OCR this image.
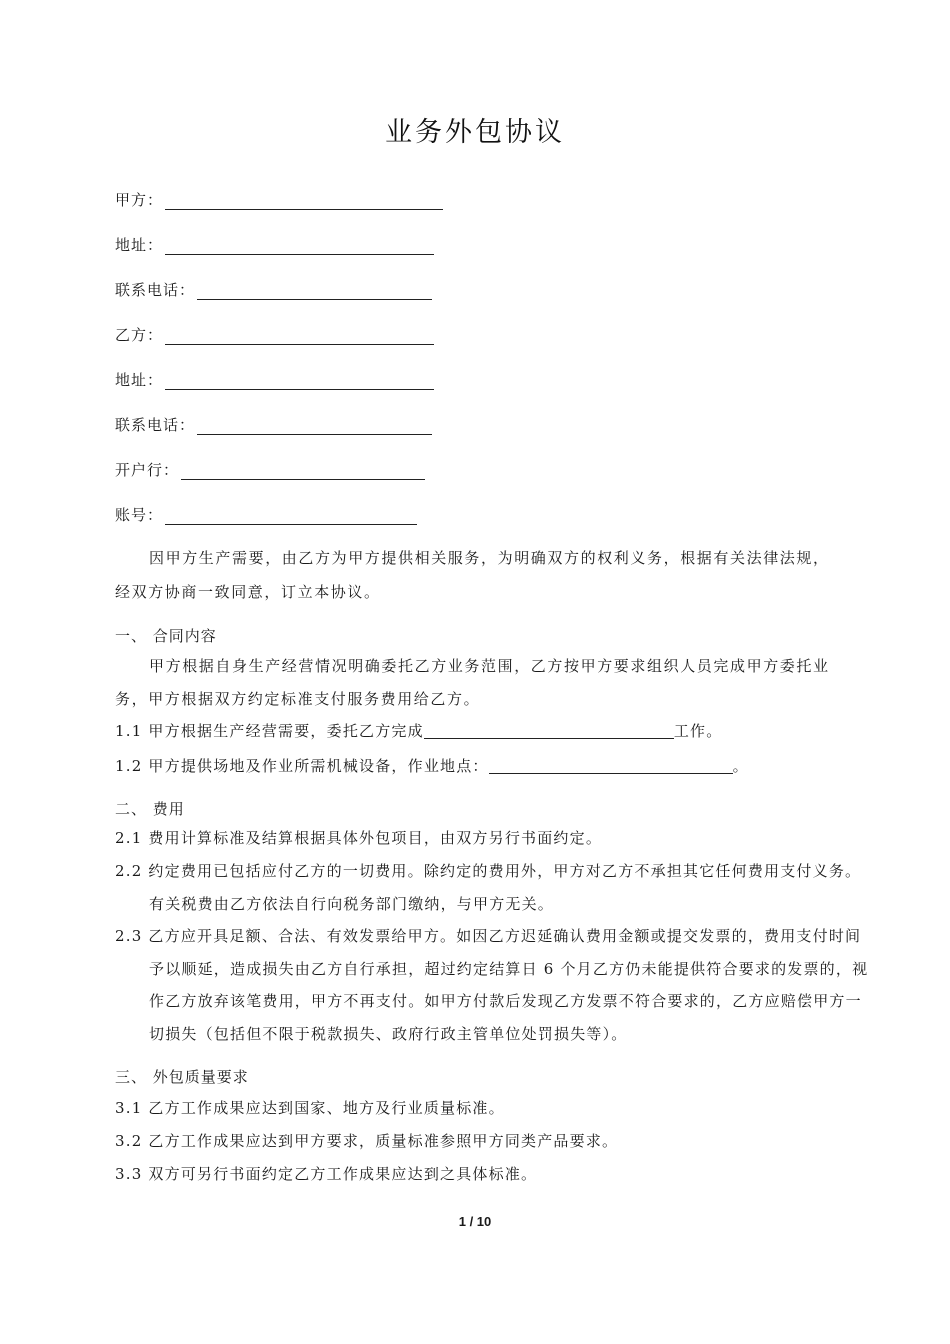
业务外包协议
甲方：
地址：
联系电话：
乙方：
地址：
联系电话：
开户行：
账号：
因甲方生产需要，由乙方为甲方提供相关服务，为明确双方的权利义务，根据有关法律法规，经双方协商一致同意，订立本协议。
一、 合同内容
甲方根据自身生产经营情况明确委托乙方业务范围，乙方按甲方要求组织人员完成甲方委托业务，甲方根据双方约定标准支付服务费用给乙方。
1.1 甲方根据生产经营需要，委托乙方完成	工作。
1.2 甲方提供场地及作业所需机械设备，作业地点：	。
二、 费用
2.1 费用计算标准及结算根据具体外包项目，由双方另行书面约定。
2.2 约定费用已包括应付乙方的一切费用。除约定的费用外，甲方对乙方不承担其它任何费用支付义务。有关税费由乙方依法自行向税务部门缴纳，与甲方无关。
2.3 乙方应开具足额、合法、有效发票给甲方。如因乙方迟延确认费用金额或提交发票的，费用支付时间予以顺延，造成损失由乙方自行承担，超过约定结算日 6 个月乙方仍未能提供符合要求的发票的，视作乙方放弃该笔费用，甲方不再支付。如甲方付款后发现乙方发票不符合要求的，乙方应赔偿甲方一切损失（包括但不限于税款损失、政府行政主管单位处罚损失等）。
三、 外包质量要求
3.1 乙方工作成果应达到国家、地方及行业质量标准。
3.2 乙方工作成果应达到甲方要求，质量标准参照甲方同类产品要求。
3.3 双方可另行书面约定乙方工作成果应达到之具体标准。
1 / 10
